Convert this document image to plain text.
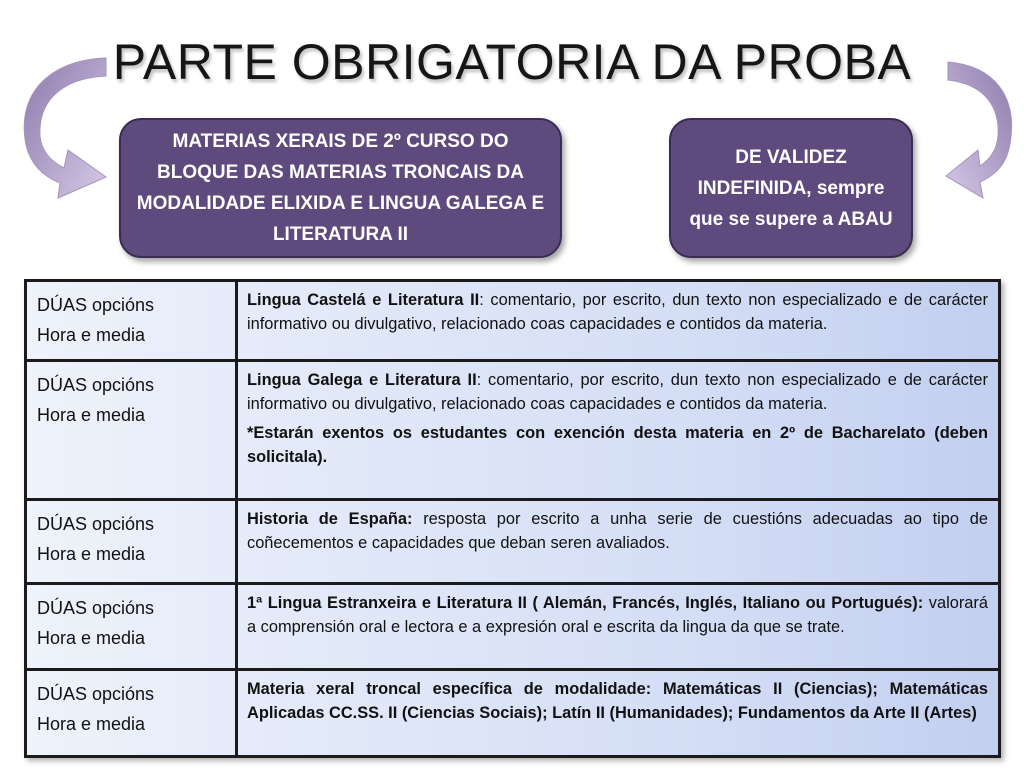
PARTE OBRIGATORIA DA PROBA
MATERIAS XERAIS DE 2º CURSO DO BLOQUE DAS MATERIAS TRONCAIS DA MODALIDADE ELIXIDA E LINGUA GALEGA E LITERATURA II
DE VALIDEZ INDEFINIDA, sempre que se supere a ABAU
DÚAS opcións
Hora e media

Lingua Castelá e Literatura II: comentario, por escrito, dun texto non especializado e de carácter informativo ou divulgativo, relacionado coas capacidades e contidos da materia.

DÚAS opcións
Hora e media

Lingua Galega e Literatura II: comentario, por escrito, dun texto non especializado e de carácter informativo ou divulgativo, relacionado coas capacidades e contidos da materia.

*Estarán exentos os estudantes con exención desta materia en 2º de Bacharelato (deben solicitala).

DÚAS opcións
Hora e media

Historia de España: resposta por escrito a unha serie de cuestións adecuadas ao tipo de coñecementos e capacidades que deban seren avaliados.

DÚAS opcións
Hora e media

1ª Lingua Estranxeira e Literatura II ( Alemán, Francés, Inglés, Italiano ou Portugués): valorará a comprensión oral e lectora e a expresión oral e escrita da lingua da que se trate.

DÚAS opcións
Hora e media

Materia xeral troncal específica de modalidade: Matemáticas II (Ciencias); Matemáticas Aplicadas CC.SS. II (Ciencias Sociais); Latín II (Humanidades); Fundamentos da Arte II (Artes)
